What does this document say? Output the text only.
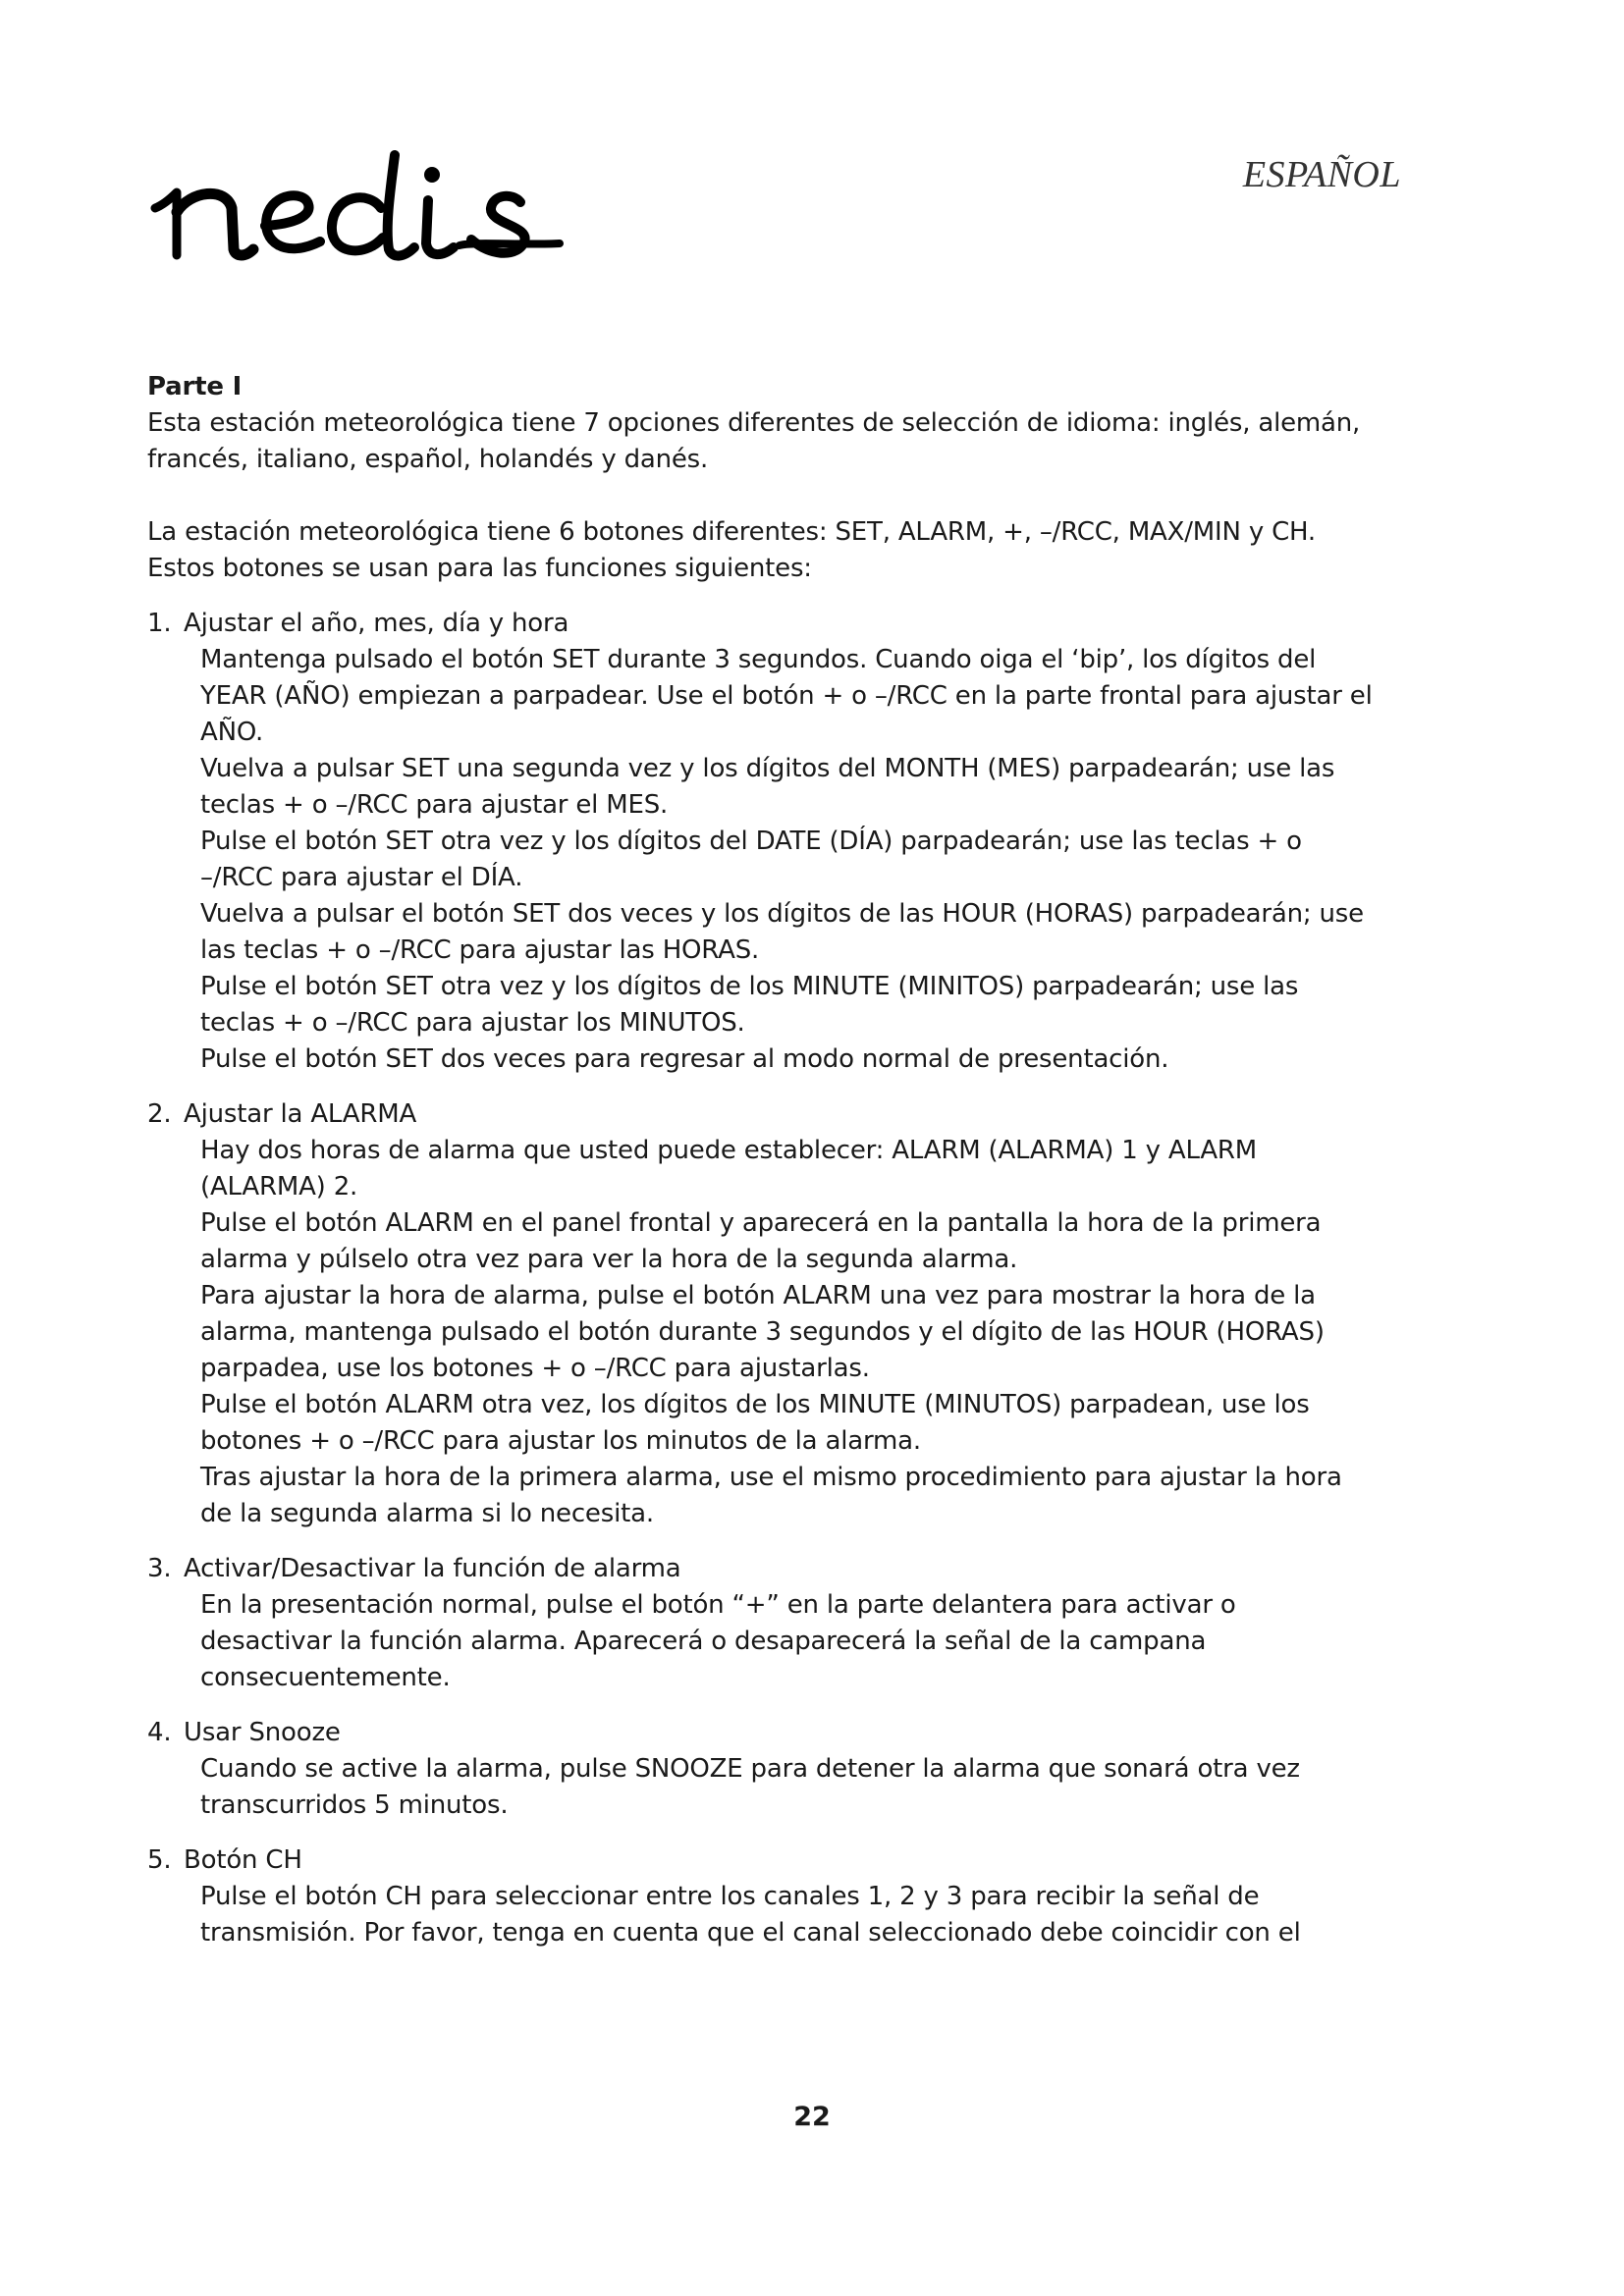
ESPAÑOL

Parte I

Esta estación meteorológica tiene 7 opciones diferentes de selección de idioma: inglés, alemán, francés, italiano, español, holandés y danés.

La estación meteorológica tiene 6 botones diferentes: SET, ALARM, +, –/RCC, MAX/MIN y CH. Estos botones se usan para las funciones siguientes:

1. Ajustar el año, mes, día y hora

Mantenga pulsado el botón SET durante 3 segundos. Cuando oiga el ‘bip’, los dígitos del YEAR (AÑO) empiezan a parpadear. Use el botón + o –/RCC en la parte frontal para ajustar el AÑO.

Vuelva a pulsar SET una segunda vez y los dígitos del MONTH (MES) parpadearán; use las teclas + o –/RCC para ajustar el MES.

Pulse el botón SET otra vez y los dígitos del DATE (DÍA) parpadearán; use las teclas + o –/RCC para ajustar el DÍA.

Vuelva a pulsar el botón SET dos veces y los dígitos de las HOUR (HORAS) parpadearán; use las teclas + o –/RCC para ajustar las HORAS.

Pulse el botón SET otra vez y los dígitos de los MINUTE (MINITOS) parpadearán; use las teclas + o –/RCC para ajustar los MINUTOS.

Pulse el botón SET dos veces para regresar al modo normal de presentación.

2. Ajustar la ALARMA

Hay dos horas de alarma que usted puede establecer: ALARM (ALARMA) 1 y ALARM (ALARMA) 2.

Pulse el botón ALARM en el panel frontal y aparecerá en la pantalla la hora de la primera alarma y púlselo otra vez para ver la hora de la segunda alarma.

Para ajustar la hora de alarma, pulse el botón ALARM una vez para mostrar la hora de la alarma, mantenga pulsado el botón durante 3 segundos y el dígito de las HOUR (HORAS) parpadea, use los botones + o –/RCC para ajustarlas.

Pulse el botón ALARM otra vez, los dígitos de los MINUTE (MINUTOS) parpadean, use los botones + o –/RCC para ajustar los minutos de la alarma.

Tras ajustar la hora de la primera alarma, use el mismo procedimiento para ajustar la hora de la segunda alarma si lo necesita.

3. Activar/Desactivar la función de alarma

En la presentación normal, pulse el botón “+” en la parte delantera para activar o desactivar la función alarma. Aparecerá o desaparecerá la señal de la campana consecuentemente.

4. Usar Snooze

Cuando se active la alarma, pulse SNOOZE para detener la alarma que sonará otra vez transcurridos 5 minutos.

5. Botón CH

Pulse el botón CH para seleccionar entre los canales 1, 2 y 3 para recibir la señal de transmisión. Por favor, tenga en cuenta que el canal seleccionado debe coincidir con el

22
